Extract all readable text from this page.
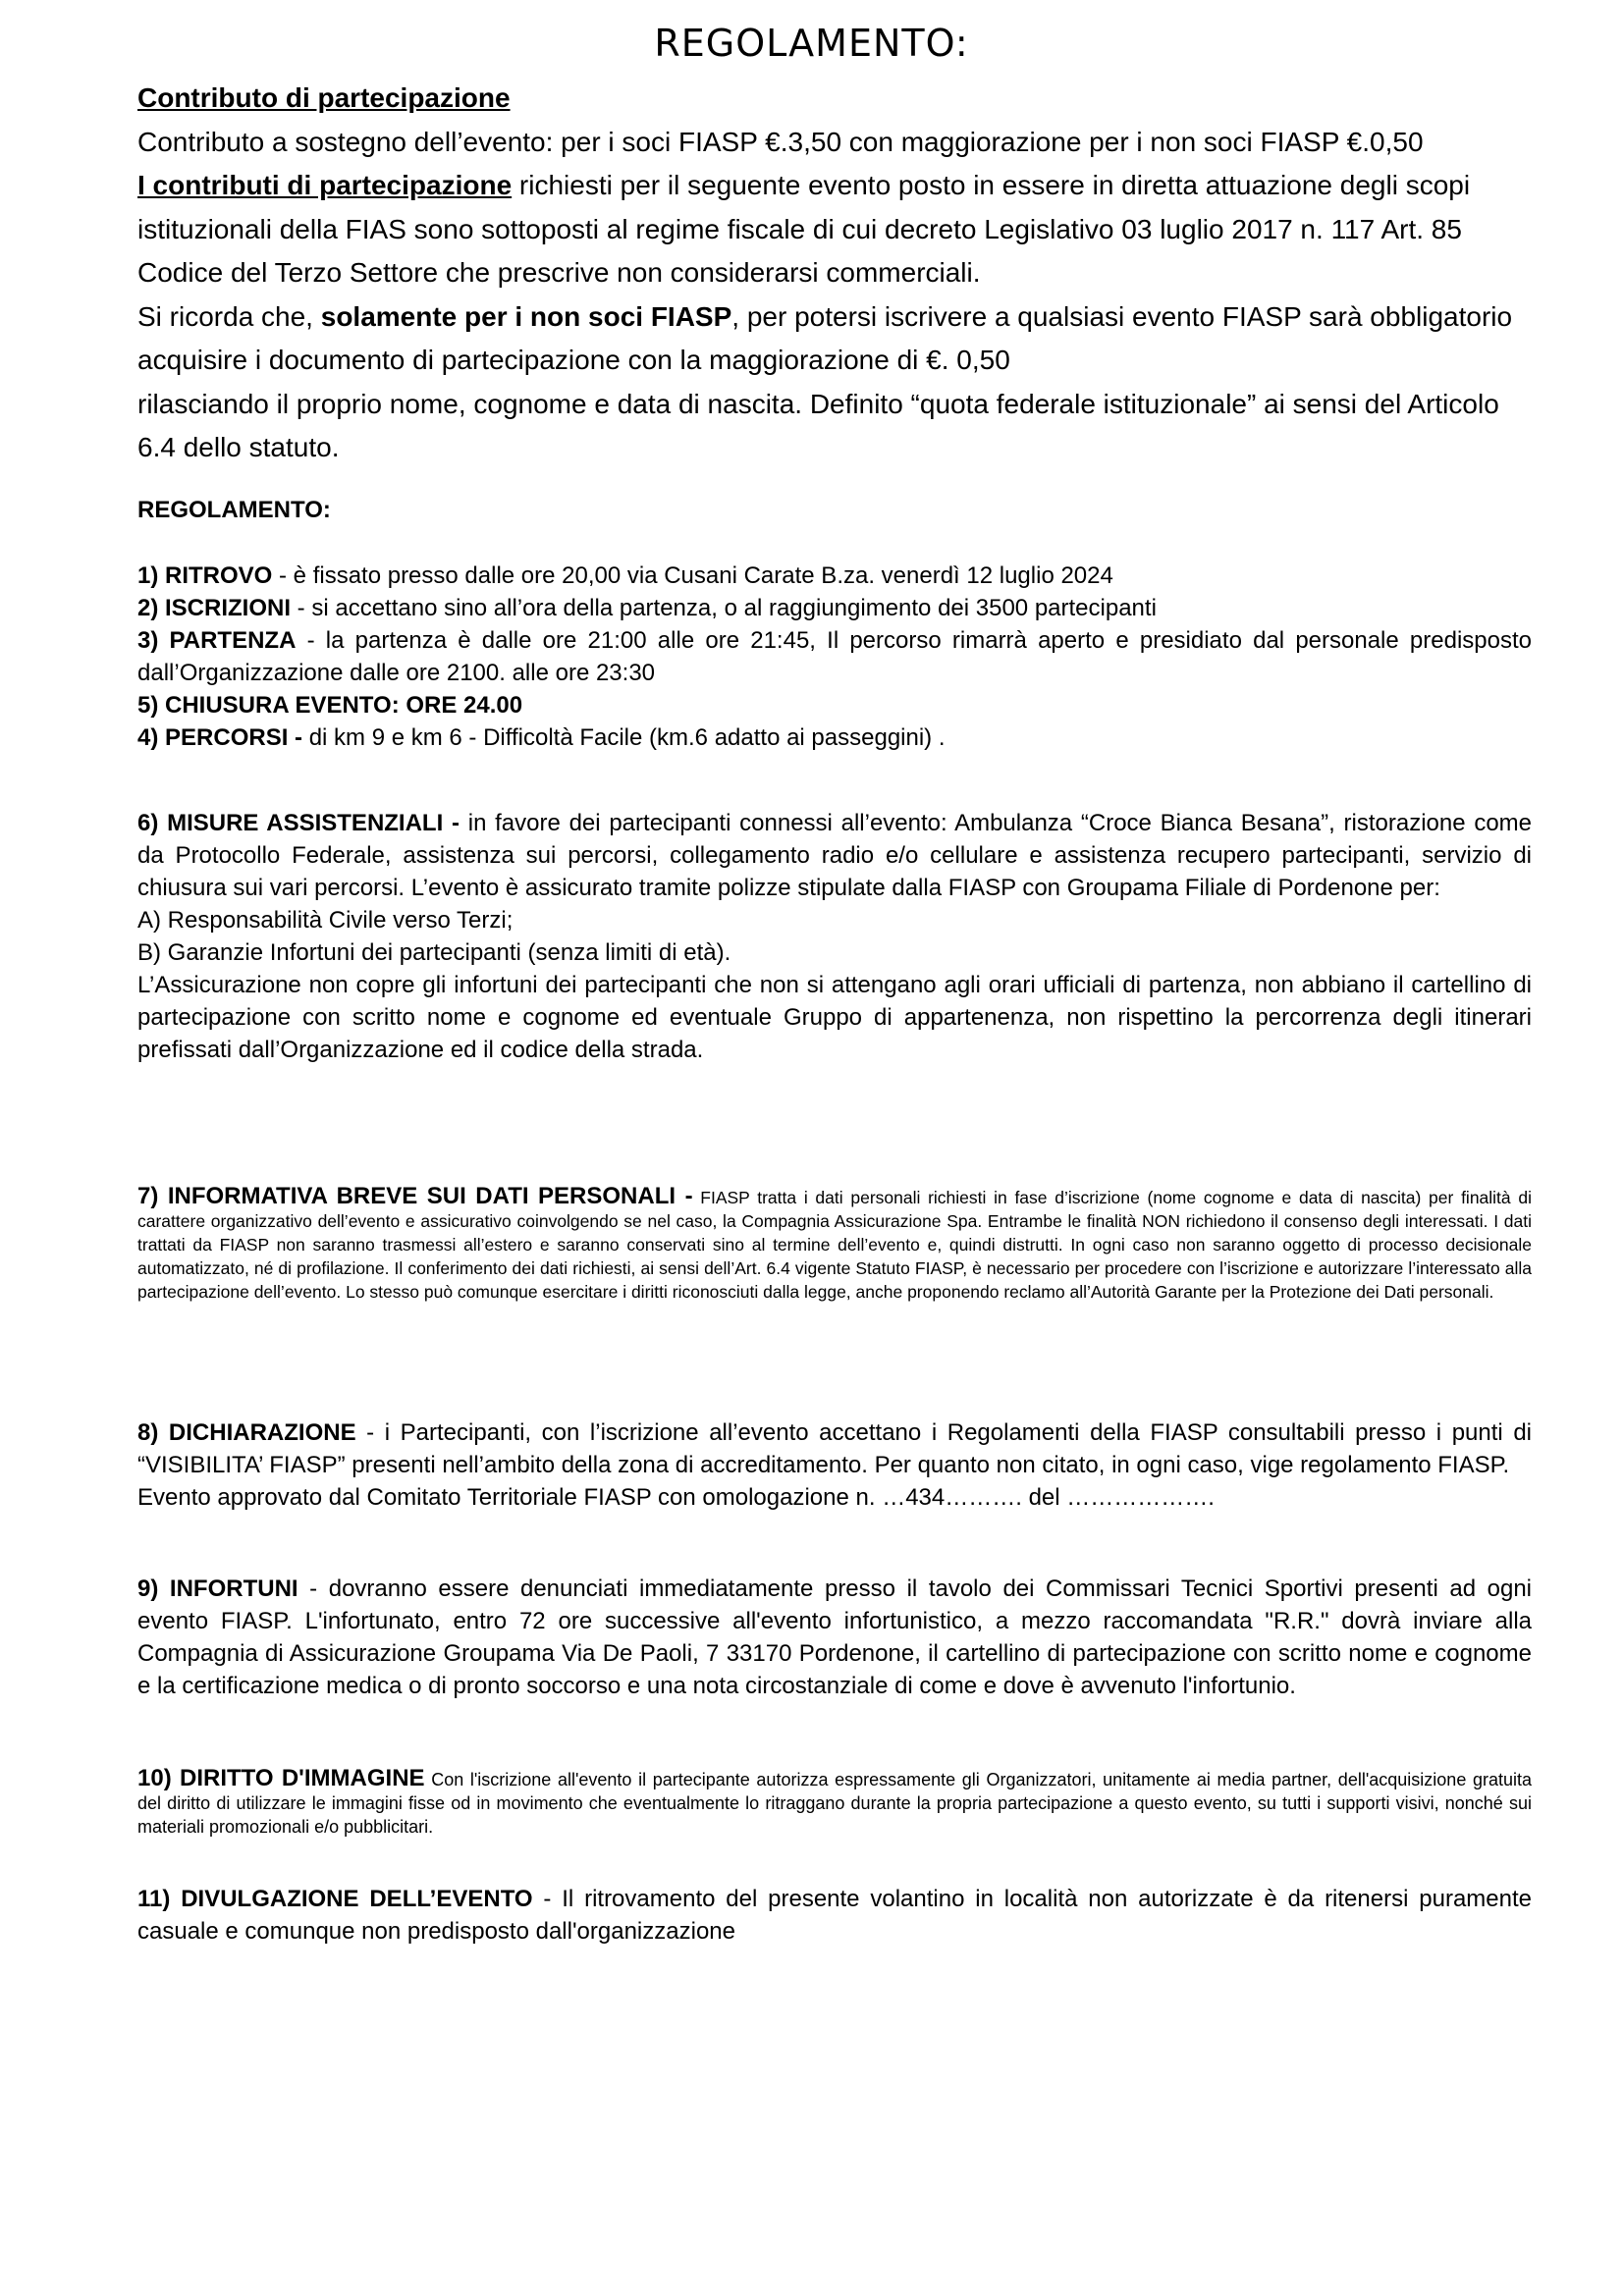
REGOLAMENTO:

Contributo di partecipazione

Contributo a sostegno dell’evento: per i soci FIASP €.3,50 con maggiorazione per i non soci FIASP €.0,50

I contributi di partecipazione richiesti per il seguente evento posto in essere in diretta attuazione degli scopi istituzionali della FIAS sono sottoposti al regime fiscale di cui decreto Legislativo 03 luglio 2017 n. 117 Art. 85 Codice del Terzo Settore che prescrive non considerarsi commerciali.

Si ricorda che, solamente per i non soci FIASP, per potersi iscrivere a qualsiasi evento FIASP sarà obbligatorio acquisire i documento di partecipazione con la maggiorazione di €. 0,50

rilasciando il proprio nome, cognome e data di nascita. Definito “quota federale istituzionale” ai sensi del Articolo 6.4 dello statuto.

REGOLAMENTO:

1) RITROVO - è fissato presso dalle ore 20,00 via Cusani Carate B.za. venerdì 12 luglio 2024

2) ISCRIZIONI - si accettano sino all’ora della partenza, o al raggiungimento dei 3500 partecipanti

3) PARTENZA - la partenza è dalle ore 21:00 alle ore 21:45, Il percorso rimarrà aperto e presidiato dal personale predisposto dall’Organizzazione dalle ore 2100. alle ore 23:30

5) CHIUSURA EVENTO: ORE 24.00

4) PERCORSI - di km 9 e km 6 - Difficoltà Facile (km.6 adatto ai passeggini) .

6) MISURE ASSISTENZIALI - in favore dei partecipanti connessi all’evento: Ambulanza “Croce Bianca Besana”, ristorazione come da Protocollo Federale, assistenza sui percorsi, collegamento radio e/o cellulare e assistenza recupero partecipanti, servizio di chiusura sui vari percorsi. L’evento è assicurato tramite polizze stipulate dalla FIASP con Groupama Filiale di Pordenone per:

A) Responsabilità Civile verso Terzi;

B) Garanzie Infortuni dei partecipanti (senza limiti di età).

L’Assicurazione non copre gli infortuni dei partecipanti che non si attengano agli orari ufficiali di partenza, non abbiano il cartellino di partecipazione con scritto nome e cognome ed eventuale Gruppo di appartenenza, non rispettino la percorrenza degli itinerari prefissati dall’Organizzazione ed il codice della strada.

7) INFORMATIVA BREVE SUI DATI PERSONALI - FIASP tratta i dati personali richiesti in fase d’iscrizione (nome cognome e data di nascita) per finalità di carattere organizzativo dell’evento e assicurativo coinvolgendo se nel caso, la Compagnia Assicurazione Spa. Entrambe le finalità NON richiedono il consenso degli interessati. I dati trattati da FIASP non saranno trasmessi all’estero e saranno conservati sino al termine dell’evento e, quindi distrutti. In ogni caso non saranno oggetto di processo decisionale automatizzato, né di profilazione. Il conferimento dei dati richiesti, ai sensi dell’Art. 6.4 vigente Statuto FIASP, è necessario per procedere con l’iscrizione e autorizzare l’interessato alla partecipazione dell’evento. Lo stesso può comunque esercitare i diritti riconosciuti dalla legge, anche proponendo reclamo all’Autorità Garante per la Protezione dei Dati personali.

8) DICHIARAZIONE - i Partecipanti, con l’iscrizione all’evento accettano i Regolamenti della FIASP consultabili presso i punti di “VISIBILITA’ FIASP” presenti nell’ambito della zona di accreditamento. Per quanto non citato, in ogni caso, vige regolamento FIASP.

Evento approvato dal Comitato Territoriale FIASP con omologazione n. …434………. del ……………….

9) INFORTUNI - dovranno essere denunciati immediatamente presso il tavolo dei Commissari Tecnici Sportivi presenti ad ogni evento FIASP. L'infortunato, entro 72 ore successive all'evento infortunistico, a mezzo raccomandata "R.R." dovrà inviare alla Compagnia di Assicurazione Groupama Via De Paoli, 7 33170 Pordenone, il cartellino di partecipazione con scritto nome e cognome e la certificazione medica o di pronto soccorso e una nota circostanziale di come e dove è avvenuto l'infortunio.

10) DIRITTO D'IMMAGINE Con l'iscrizione all'evento il partecipante autorizza espressamente gli Organizzatori, unitamente ai media partner, dell'acquisizione gratuita del diritto di utilizzare le immagini fisse od in movimento che eventualmente lo ritraggano durante la propria partecipazione a questo evento, su tutti i supporti visivi, nonché sui materiali promozionali e/o pubblicitari.

11) DIVULGAZIONE DELL’EVENTO - Il ritrovamento del presente volantino in località non autorizzate è da ritenersi puramente casuale e comunque non predisposto dall'organizzazione
